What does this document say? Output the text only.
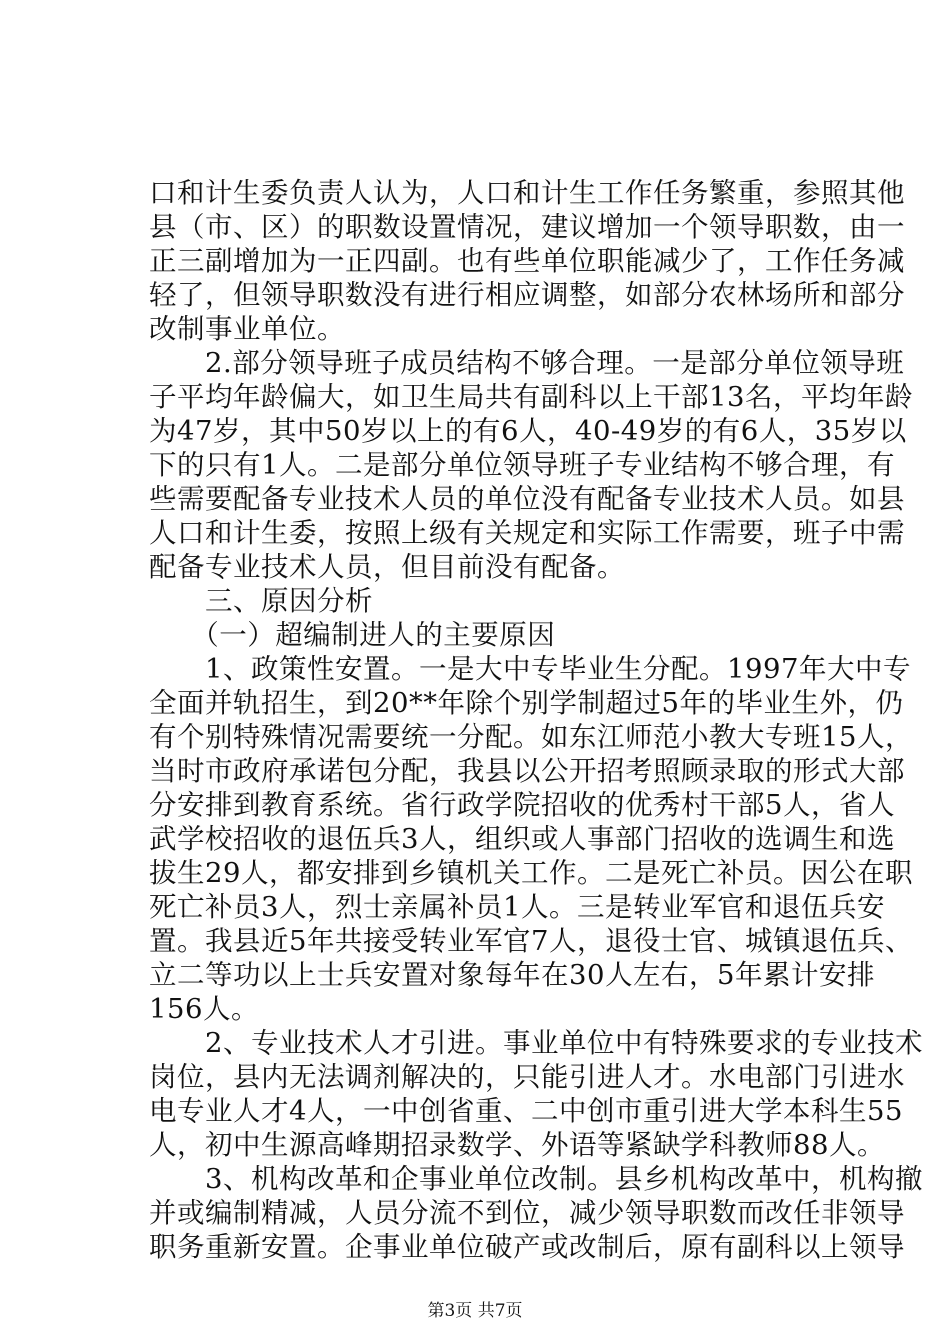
口和计生委负责人认为，人口和计生工作任务繁重，参照其他
县（市、区）的职数设置情况，建议增加一个领导职数，由一
正三副增加为一正四副。也有些单位职能减少了，工作任务减
轻了，但领导职数没有进行相应调整，如部分农林场所和部分
改制事业单位。
　　2.部分领导班子成员结构不够合理。一是部分单位领导班
子平均年龄偏大，如卫生局共有副科以上干部13名，平均年龄
为47岁，其中50岁以上的有6人，40-49岁的有6人，35岁以
下的只有1人。二是部分单位领导班子专业结构不够合理，有
些需要配备专业技术人员的单位没有配备专业技术人员。如县
人口和计生委，按照上级有关规定和实际工作需要，班子中需
配备专业技术人员，但目前没有配备。
　　三、原因分析
　　（一）超编制进人的主要原因
　　1、政策性安置。一是大中专毕业生分配。1997年大中专
全面并轨招生，到20**年除个别学制超过5年的毕业生外，仍
有个别特殊情况需要统一分配。如东江师范小教大专班15人，
当时市政府承诺包分配，我县以公开招考照顾录取的形式大部
分安排到教育系统。省行政学院招收的优秀村干部5人，省人
武学校招收的退伍兵3人，组织或人事部门招收的选调生和选
拔生29人，都安排到乡镇机关工作。二是死亡补员。因公在职
死亡补员3人，烈士亲属补员1人。三是转业军官和退伍兵安
置。我县近5年共接受转业军官7人，退役士官、城镇退伍兵、
立二等功以上士兵安置对象每年在30人左右，5年累计安排
156人。
　　2、专业技术人才引进。事业单位中有特殊要求的专业技术
岗位，县内无法调剂解决的，只能引进人才。水电部门引进水
电专业人才4人，一中创省重、二中创市重引进大学本科生55
人，初中生源高峰期招录数学、外语等紧缺学科教师88人。
　　3、机构改革和企事业单位改制。县乡机构改革中，机构撤
并或编制精减，人员分流不到位，减少领导职数而改任非领导
职务重新安置。企事业单位破产或改制后，原有副科以上领导
第3页 共7页
